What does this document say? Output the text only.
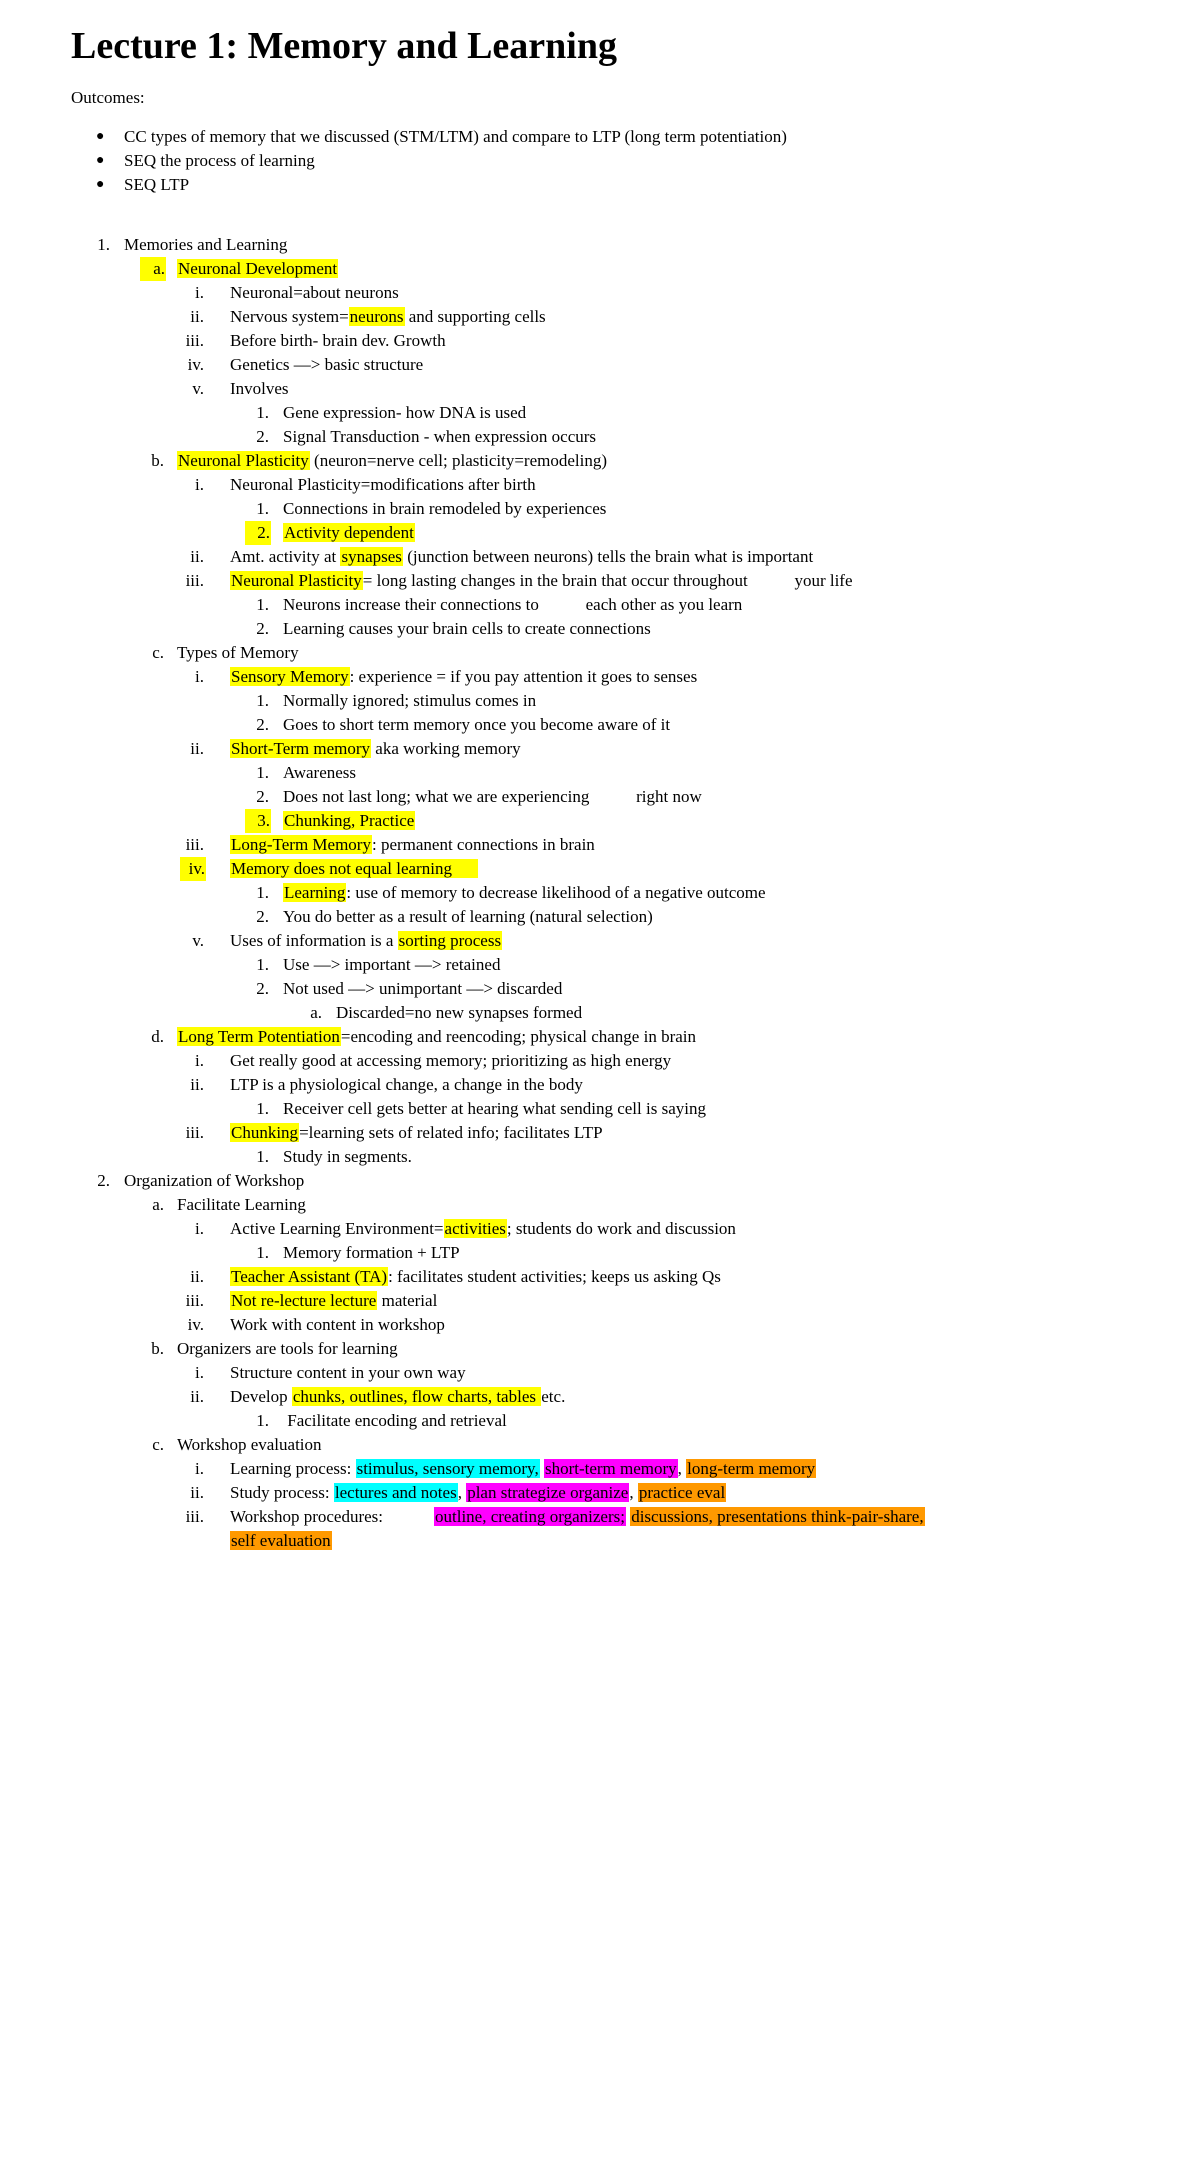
Lecture 1: Memory and Learning
Outcomes:
● CC types of memory that we discussed (STM/LTM) and compare to LTP (long term potentiation)
● SEQ the process of learning
● SEQ LTP
1. Memories and Learning
a. Neuronal Development
i. Neuronal=about neurons
ii. Nervous system=neurons and supporting cells
iii. Before birth- brain dev. Growth
iv. Genetics —> basic structure
v. Involves
1. Gene expression- how DNA is used
2. Signal Transduction - when expression occurs
b. Neuronal Plasticity (neuron=nerve cell; plasticity=remodeling)
i. Neuronal Plasticity=modifications after birth
1. Connections in brain remodeled by experiences
2. Activity dependent
ii. Amt. activity at synapses (junction between neurons) tells the brain what is important
iii. Neuronal Plasticity= long lasting changes in the brain that occur throughout           your life
1. Neurons increase their connections to           each other as you learn
2. Learning causes your brain cells to create connections
c. Types of Memory
i. Sensory Memory: experience = if you pay attention it goes to senses
1. Normally ignored; stimulus comes in
2. Goes to short term memory once you become aware of it
ii. Short-Term memory aka working memory
1. Awareness
2. Does not last long; what we are experiencing           right now
3. Chunking, Practice
iii. Long-Term Memory: permanent connections in brain
iv. Memory does not equal learning
1. Learning: use of memory to decrease likelihood of a negative outcome
2. You do better as a result of learning (natural selection)
v. Uses of information is a sorting process
1. Use —> important —> retained
2. Not used —> unimportant —> discarded
a. Discarded=no new synapses formed
d. Long Term Potentiation=encoding and reencoding; physical change in brain
i. Get really good at accessing memory; prioritizing as high energy
ii. LTP is a physiological change, a change in the body
1. Receiver cell gets better at hearing what sending cell is saying
iii. Chunking=learning sets of related info; facilitates LTP
1. Study in segments.
2. Organization of Workshop
a. Facilitate Learning
i. Active Learning Environment=activities; students do work and discussion
1. Memory formation + LTP
ii. Teacher Assistant (TA): facilitates student activities; keeps us asking Qs
iii. Not re-lecture lecture material
iv. Work with content in workshop
b. Organizers are tools for learning
i. Structure content in your own way
ii. Develop chunks, outlines, flow charts, tables etc.
1. Facilitate encoding and retrieval
c. Workshop evaluation
i. Learning process: stimulus, sensory memory, short-term memory, long-term memory
ii. Study process: lectures and notes, plan strategize organize, practice eval
iii. Workshop procedures:            outline, creating organizers; discussions, presentations think-pair-share,
self evaluation
